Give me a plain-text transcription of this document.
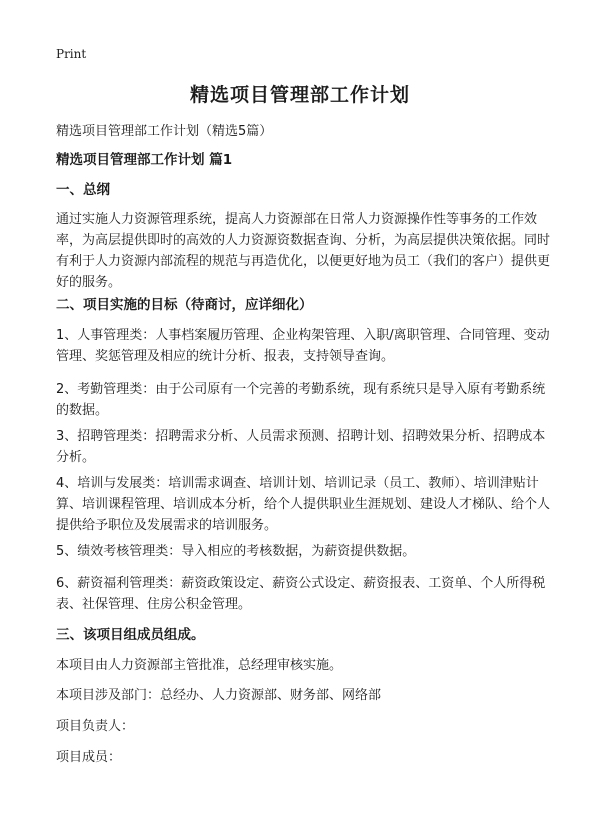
Print
精选项目管理部工作计划

精选项目管理部工作计划（精选5篇）

精选项目管理部工作计划 篇1
一、总纲

通过实施人力资源管理系统，提高人力资源部在日常人力资源操作性等事务的工作效率，为高层提供即时的高效的人力资源资数据查询、分析，为高层提供决策依据。同时有利于人力资源内部流程的规范与再造优化，以便更好地为员工（我们的客户）提供更好的服务。

二、项目实施的目标（待商讨，应详细化）

1、人事管理类：人事档案履历管理、企业构架管理、入职/离职管理、合同管理、变动管理、奖惩管理及相应的统计分析、报表，支持领导查询。

2、考勤管理类：由于公司原有一个完善的考勤系统，现有系统只是导入原有考勤系统的数据。

3、招聘管理类：招聘需求分析、人员需求预测、招聘计划、招聘效果分析、招聘成本分析。

4、培训与发展类：培训需求调查、培训计划、培训记录（员工、教师）、培训津贴计算、培训课程管理、培训成本分析，给个人提供职业生涯规划、建设人才梯队、给个人提供给予职位及发展需求的培训服务。

5、绩效考核管理类：导入相应的考核数据，为薪资提供数据。

6、薪资福利管理类：薪资政策设定、薪资公式设定、薪资报表、工资单、个人所得税表、社保管理、住房公积金管理。

三、该项目组成员组成。

本项目由人力资源部主管批准，总经理审核实施。

本项目涉及部门：总经办、人力资源部、财务部、网络部

项目负责人：

项目成员：
